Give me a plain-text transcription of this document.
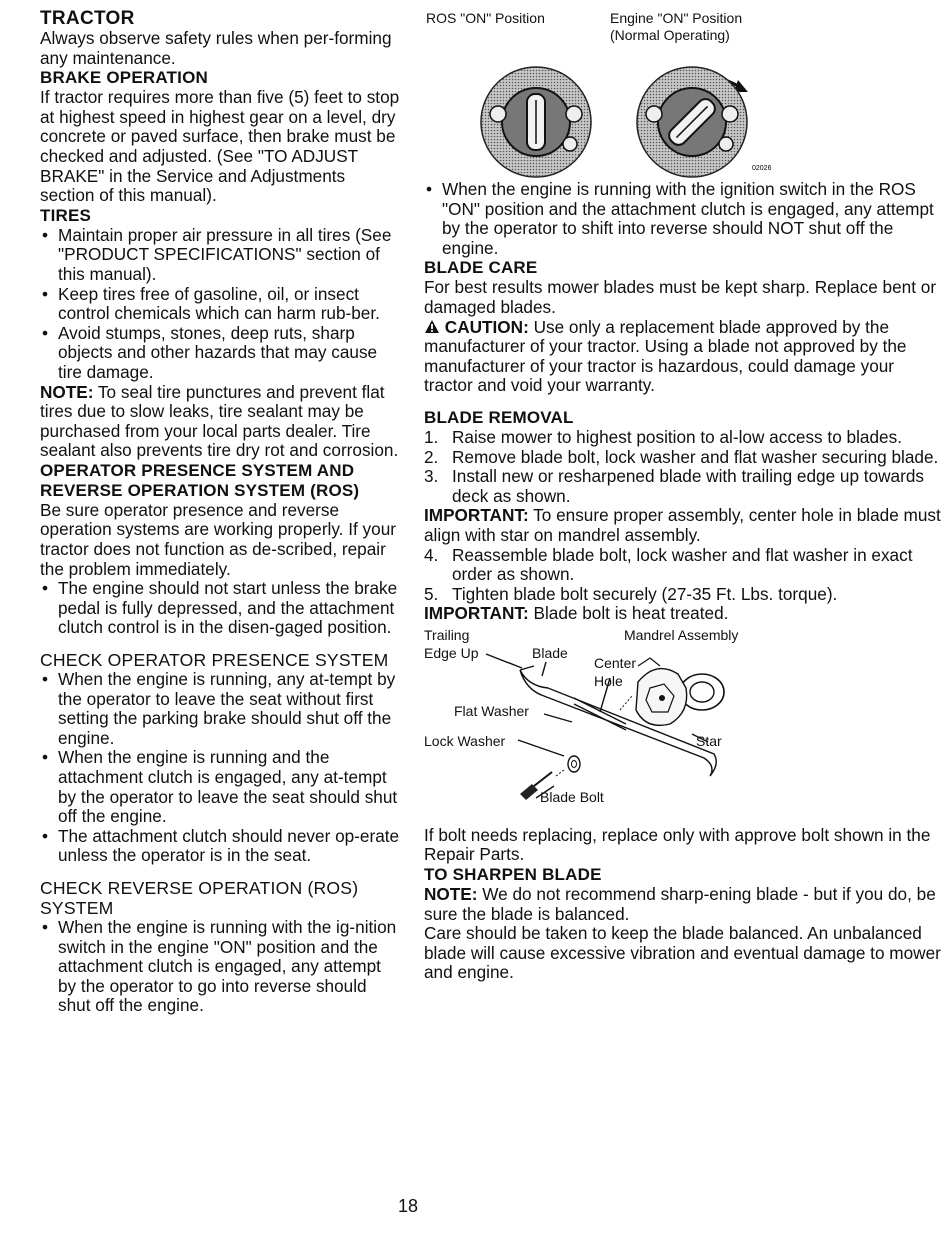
TRACTOR

Always observe safety rules when per-forming any maintenance.

BRAKE OPERATION

If tractor requires more than five (5) feet to stop at highest speed in highest gear on a level, dry concrete or paved surface, then brake must be checked and adjusted. (See "TO ADJUST BRAKE" in the Service and Adjustments section of this manual).

TIRES

• Maintain proper air pressure in all tires (See "PRODUCT SPECIFICATIONS" section of this manual).

• Keep tires free of gasoline, oil, or insect control chemicals which can harm rub-ber.

• Avoid stumps, stones, deep ruts, sharp objects and other hazards that may cause tire damage.

NOTE: To seal tire punctures and prevent flat tires due to slow leaks, tire sealant may be purchased from your local parts dealer. Tire sealant also prevents tire dry rot and corrosion.

OPERATOR PRESENCE SYSTEM AND REVERSE OPERATION SYSTEM (ROS)

Be sure operator presence and reverse operation systems are working properly. If your tractor does not function as de-scribed, repair the problem immediately.

• The engine should not start unless the brake pedal is fully depressed, and the attachment clutch control is in the disen-gaged position.

CHECK OPERATOR PRESENCE SYSTEM

• When the engine is running, any at-tempt by the operator to leave the seat without first setting the parking brake should shut off the engine.

• When the engine is running and the attachment clutch is engaged, any at-tempt by the operator to leave the seat should shut off the engine.

• The attachment clutch should never op-erate unless the operator is in the seat.

CHECK REVERSE OPERATION (ROS) SYSTEM

• When the engine is running with the ig-nition switch in the engine "ON" position and the attachment clutch is engaged, any attempt by the operator to go into reverse should shut off the engine.

ROS "ON" Position	Engine "ON" Position
(Normal Operating)
02026

• When the engine is running with the ignition switch in the ROS "ON" position and the attachment clutch is engaged, any attempt by the operator to shift into reverse should NOT shut off the engine.

BLADE CARE

For best results mower blades must be kept sharp. Replace bent or damaged blades.

CAUTION: Use only a replacement blade approved by the manufacturer of your tractor. Using a blade not approved by the manufacturer of your tractor is hazardous, could damage your tractor and void your warranty.

BLADE REMOVAL

1. Raise mower to highest position to al-low access to blades.

2. Remove blade bolt, lock washer and flat washer securing blade.

3. Install new or resharpened blade with trailing edge up towards deck as shown.

IMPORTANT: To ensure proper assembly, center hole in blade must align with star on mandrel assembly.

4. Reassemble blade bolt, lock washer and flat washer in exact order as shown.

5. Tighten blade bolt securely (27-35 Ft. Lbs. torque).

IMPORTANT: Blade bolt is heat treated.

Trailing
Edge Up	Blade
Mandrel Assembly
Center
Hole
Flat Washer
Lock Washer	Star
Blade Bolt

If bolt needs replacing, replace only with approve bolt shown in the Repair Parts.

TO SHARPEN BLADE

NOTE: We do not recommend sharp-ening blade - but if you do, be sure the blade is balanced.

Care should be taken to keep the blade balanced. An unbalanced blade will cause excessive vibration and eventual damage to mower and engine.

18
